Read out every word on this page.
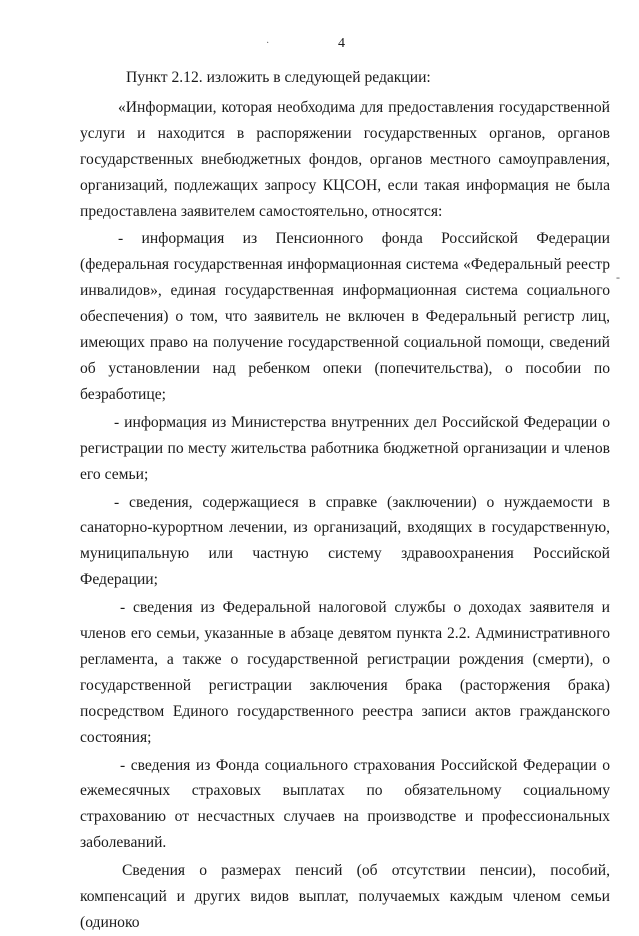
·	4
-

Пункт 2.12. изложить в следующей редакции:

«Информации, которая необходима для предоставления государственной услуги и находится в распоряжении государственных органов, органов государственных внебюджетных фондов, органов местного самоуправления, организаций, подлежащих запросу КЦСОН, если такая информация не была предоставлена заявителем самостоятельно, относятся:

- информация из Пенсионного фонда Российской Федерации (федеральная государственная информационная система «Федеральный реестр инвалидов», единая государственная информационная система социального обеспечения) о том, что заявитель не включен в Федеральный регистр лиц, имеющих право на получение государственной социальной помощи, сведений об установлении над ребенком опеки (попечительства), о пособии по безработице;

- информация из Министерства внутренних дел Российской Федерации о регистрации по месту жительства работника бюджетной организации и членов его семьи;

- сведения, содержащиеся в справке (заключении) о нуждаемости в санаторно-курортном лечении, из организаций, входящих в государственную, муниципальную или частную систему здравоохранения Российской Федерации;

- сведения из Федеральной налоговой службы о доходах заявителя и членов его семьи, указанные в абзаце девятом пункта 2.2. Административного регламента, а также о государственной регистрации рождения (смерти), о государственной регистрации заключения брака (расторжения брака) посредством Единого государственного реестра записи актов гражданского состояния;

- сведения из Фонда социального страхования Российской Федерации о ежемесячных страховых выплатах по обязательному социальному страхованию от несчастных случаев на производстве и профессиональных заболеваний.

Сведения о размерах пенсий (об отсутствии пенсии), пособий, компенсаций и других видов выплат, получаемых каждым членом семьи (одиноко
